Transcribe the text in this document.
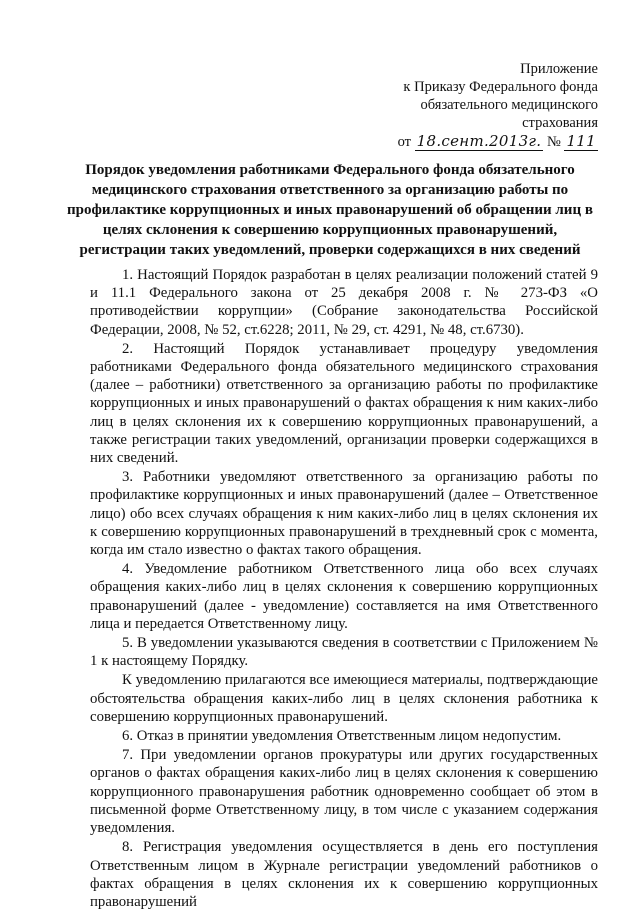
Приложение
к Приказу Федерального фонда
обязательного медицинского
страхования
от 18.сент.2013г. № 111
Порядок уведомления работниками Федерального фонда обязательного медицинского страхования ответственного за организацию работы по профилактике коррупционных и иных правонарушений об обращении лиц в целях склонения к совершению коррупционных правонарушений, регистрации таких уведомлений, проверки содержащихся в них сведений

1. Настоящий Порядок разработан в целях реализации положений статей 9 и 11.1 Федерального закона от 25 декабря 2008 г. № 273-ФЗ «О противодействии коррупции» (Собрание законодательства Российской Федерации, 2008, № 52, ст.6228; 2011, № 29, ст. 4291, № 48, ст.6730).

2. Настоящий Порядок устанавливает процедуру уведомления работниками Федерального фонда обязательного медицинского страхования (далее – работники) ответственного за организацию работы по профилактике коррупционных и иных правонарушений о фактах обращения к ним каких-либо лиц в целях склонения их к совершению коррупционных правонарушений, а также регистрации таких уведомлений, организации проверки содержащихся в них сведений.

3. Работники уведомляют ответственного за организацию работы по профилактике коррупционных и иных правонарушений (далее – Ответственное лицо) обо всех случаях обращения к ним каких-либо лиц в целях склонения их к совершению коррупционных правонарушений в трехдневный срок с момента, когда им стало известно о фактах такого обращения.

4. Уведомление работником Ответственного лица обо всех случаях обращения каких-либо лиц в целях склонения к совершению коррупционных правонарушений (далее - уведомление) составляется на имя Ответственного лица и передается Ответственному лицу.

5. В уведомлении указываются сведения в соответствии с Приложением № 1 к настоящему Порядку.

К уведомлению прилагаются все имеющиеся материалы, подтверждающие обстоятельства обращения каких-либо лиц в целях склонения работника к совершению коррупционных правонарушений.

6. Отказ в принятии уведомления Ответственным лицом недопустим.

7. При уведомлении органов прокуратуры или других государственных органов о фактах обращения каких-либо лиц в целях склонения к совершению коррупционного правонарушения работник одновременно сообщает об этом в письменной форме Ответственному лицу, в том числе с указанием содержания уведомления.

8. Регистрация уведомления осуществляется в день его поступления Ответственным лицом в Журнале регистрации уведомлений работников о фактах обращения в целях склонения их к совершению коррупционных правонарушений
